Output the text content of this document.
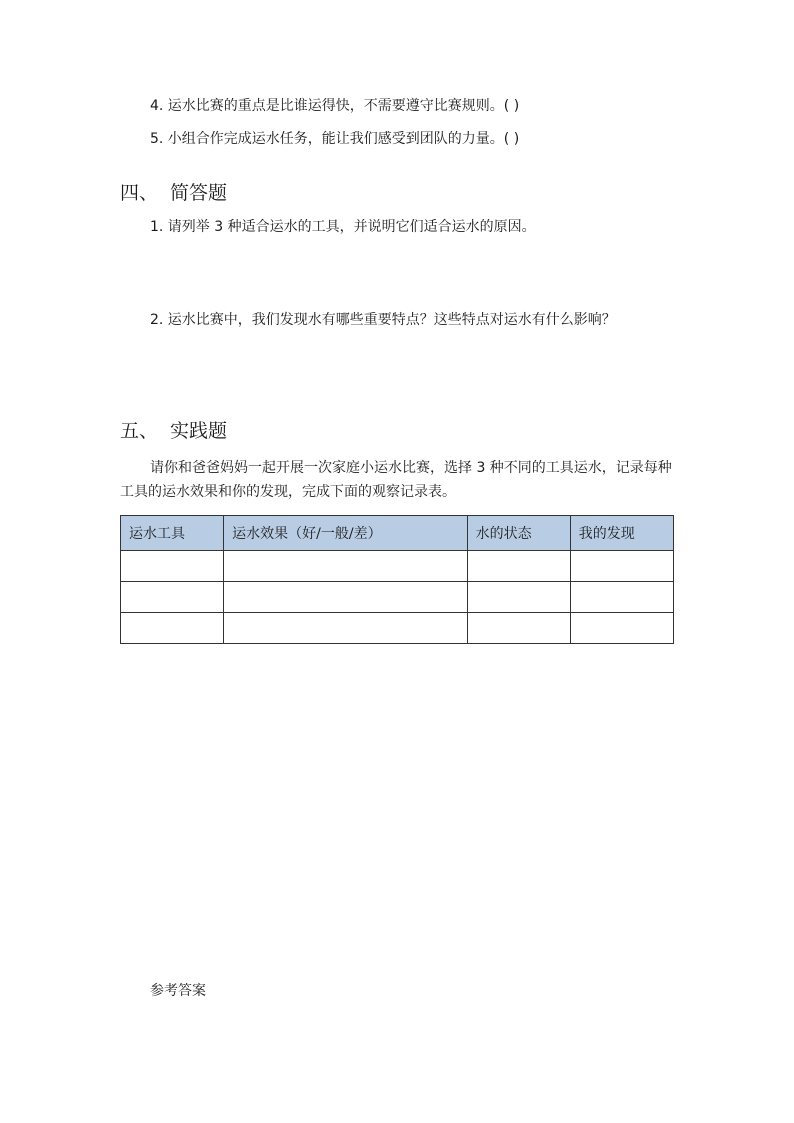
4. 运水比赛的重点是比谁运得快，不需要遵守比赛规则。( )
5. 小组合作完成运水任务，能让我们感受到团队的力量。( )
四、 简答题
1. 请列举 3 种适合运水的工具，并说明它们适合运水的原因。
2. 运水比赛中，我们发现水有哪些重要特点？这些特点对运水有什么影响？
五、 实践题
请你和爸爸妈妈一起开展一次家庭小运水比赛，选择 3 种不同的工具运水，记录每种工具的运水效果和你的发现，完成下面的观察记录表。
运水工具	运水效果（好/一般/差）	水的状态	我的发现

参考答案
